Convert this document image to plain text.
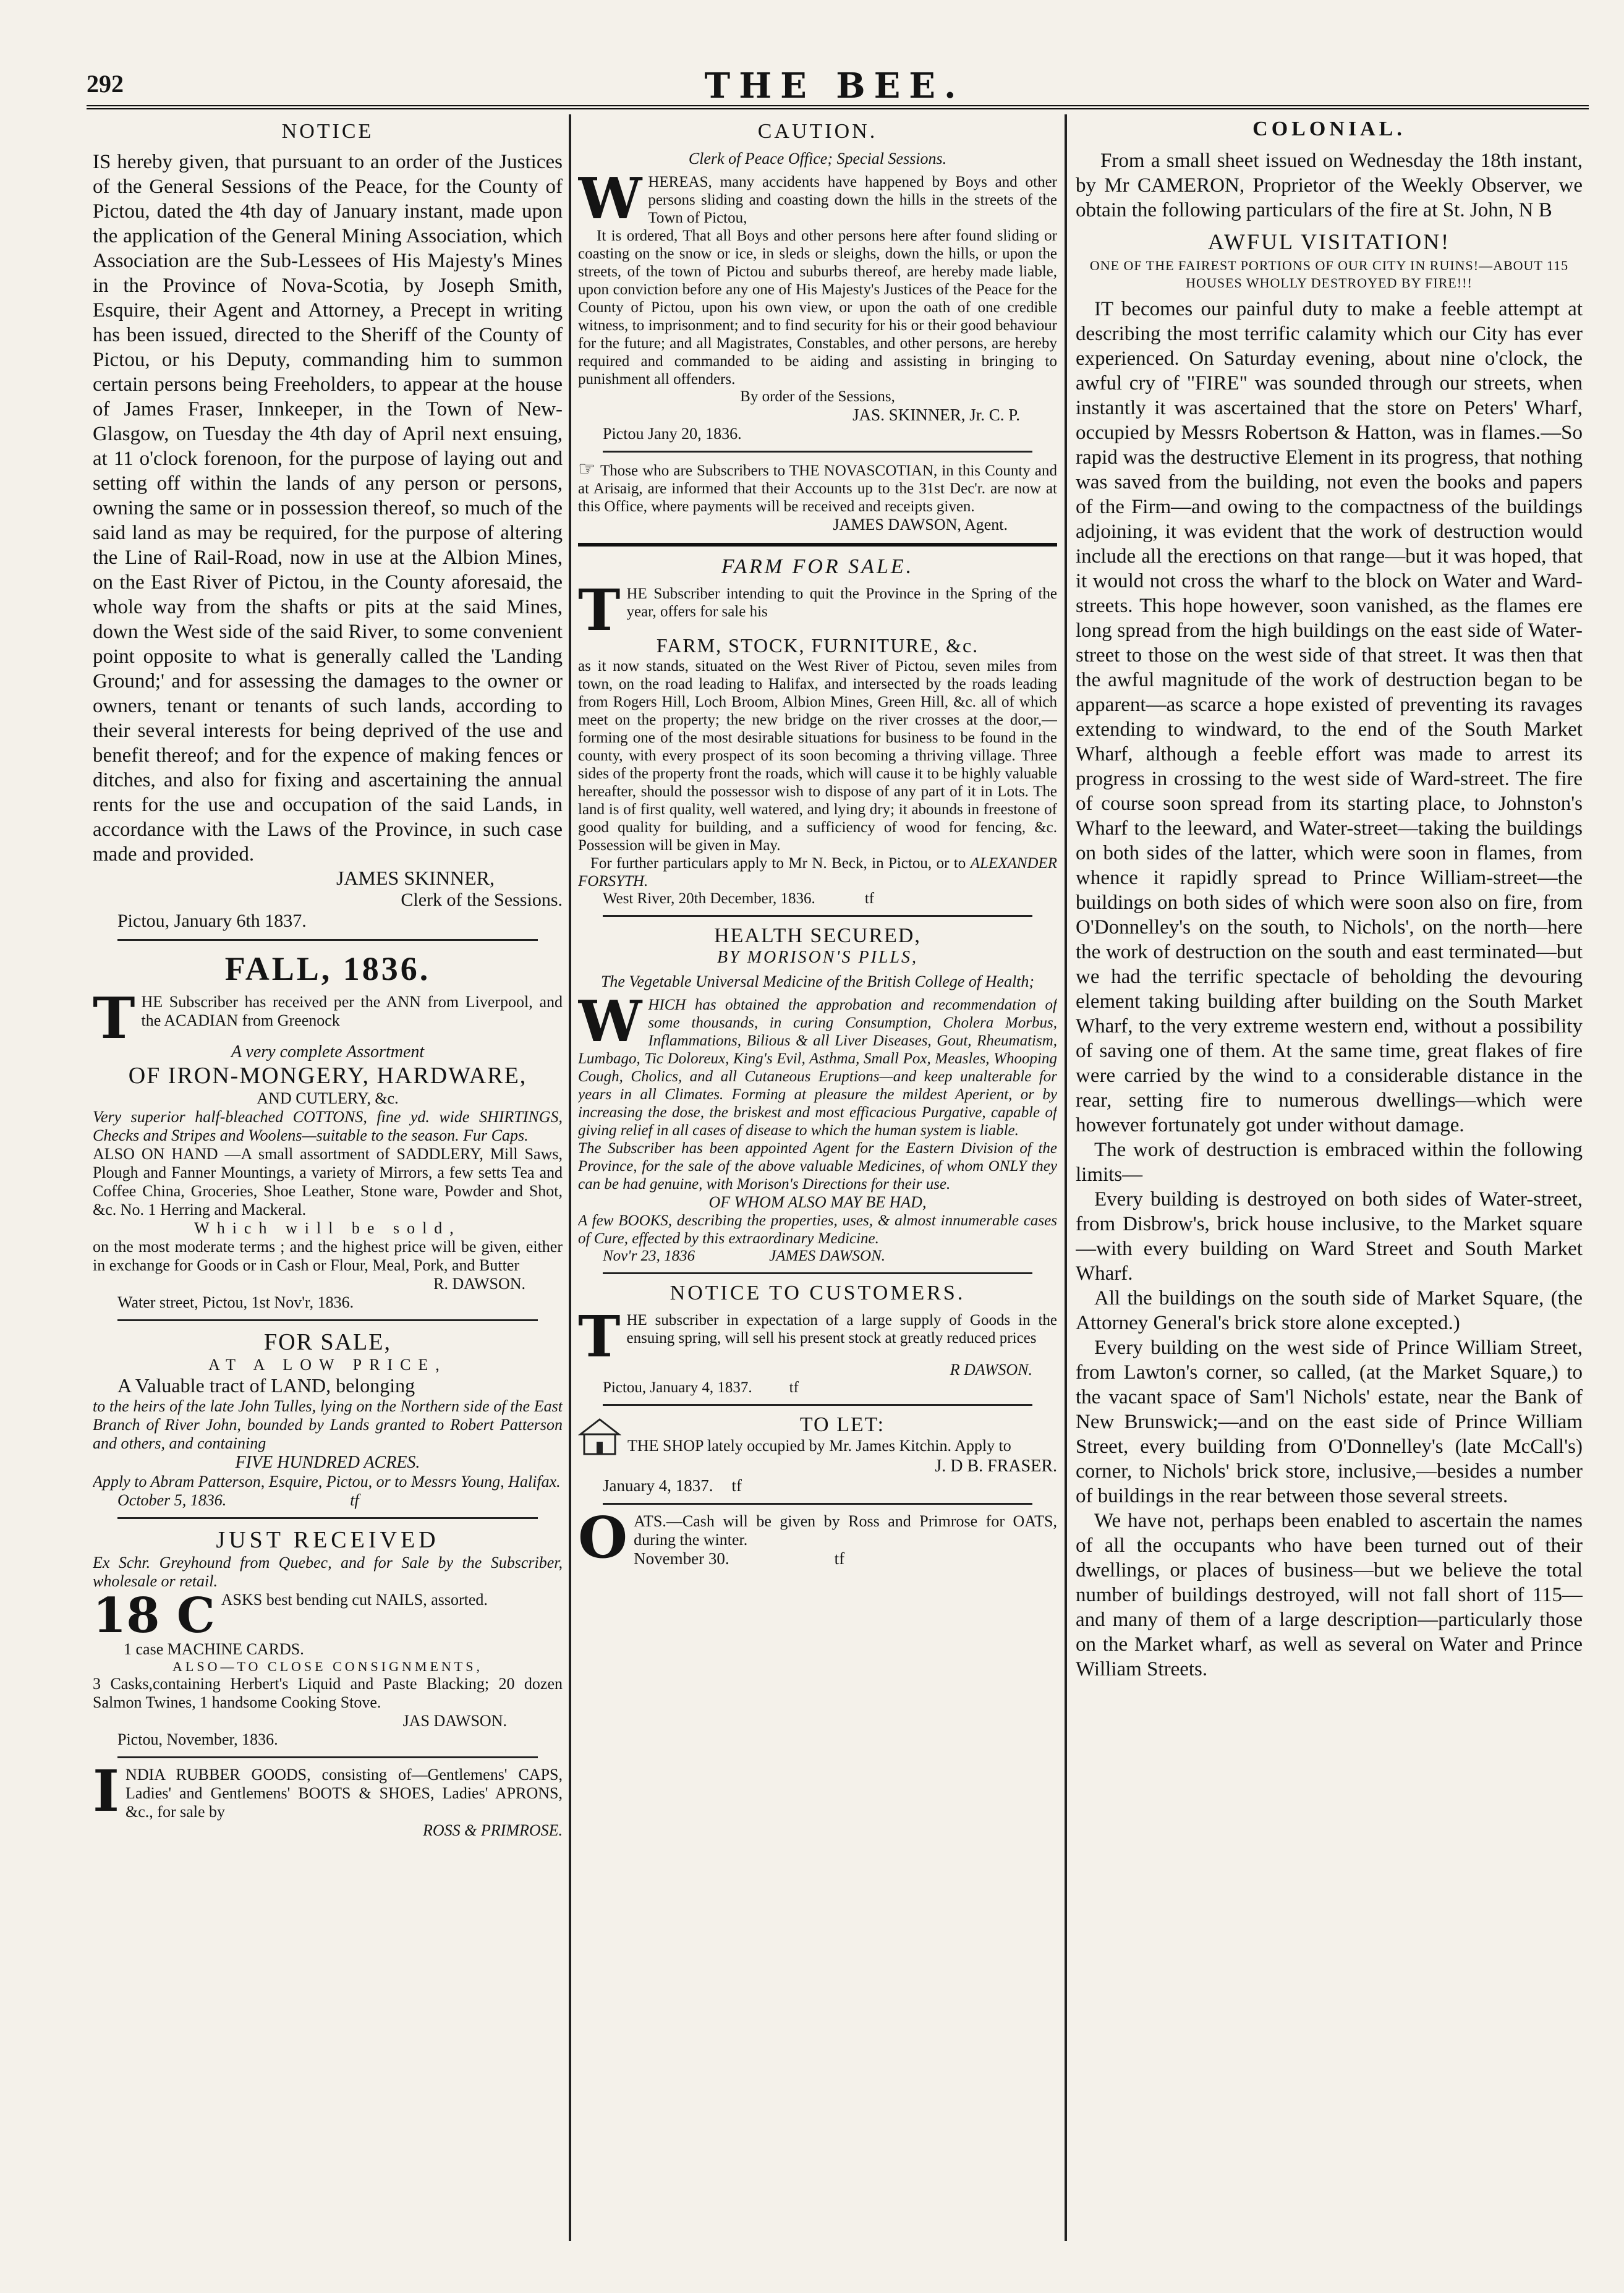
292	THE BEE.
NOTICE

IS hereby given, that pursuant to an order of the Justices of the General Sessions of the Peace, for the County of Pictou, dated the 4th day of January instant, made upon the application of the General Mining Association, which Association are the Sub-Lessees of His Majesty's Mines in the Province of Nova-Scotia, by Joseph Smith, Esquire, their Agent and Attorney, a Precept in writing has been issued, directed to the Sheriff of the County of Pictou, or his Deputy, commanding him to summon certain persons being Freeholders, to appear at the house of James Fraser, Innkeeper, in the Town of New-Glasgow, on Tuesday the 4th day of April next ensuing, at 11 o'clock forenoon, for the purpose of laying out and setting off within the lands of any person or persons, owning the same or in possession thereof, so much of the said land as may be required, for the purpose of altering the Line of Rail-Road, now in use at the Albion Mines, on the East River of Pictou, in the County aforesaid, the whole way from the shafts or pits at the said Mines, down the West side of the said River, to some convenient point opposite to what is generally called the 'Landing Ground;' and for assessing the damages to the owner or owners, tenant or tenants of such lands, according to their several interests for being deprived of the use and benefit thereof; and for the expence of making fences or ditches, and also for fixing and ascertaining the annual rents for the use and occupation of the said Lands, in accordance with the Laws of the Province, in such case made and provided.

JAMES SKINNER,
Clerk of the Sessions.
Pictou, January 6th 1837.
FALL, 1836.

THE Subscriber has received per the ANN from Liverpool, and the ACADIAN from Greenock

A very complete Assortment
OF IRON-MONGERY, HARDWARE,
AND CUTLERY, &c.

Very superior half-bleached COTTONS, fine yd. wide SHIRTINGS, Checks and Stripes and Woolens—suitable to the season. Fur Caps.

ALSO ON HAND —A small assortment of SADDLERY, Mill Saws, Plough and Fanner Mountings, a variety of Mirrors, a few setts Tea and Coffee China, Groceries, Shoe Leather, Stone ware, Powder and Shot, &c. No. 1 Herring and Mackeral.

Which will be sold,

on the most moderate terms ; and the highest price will be given, either in exchange for Goods or in Cash or Flour, Meal, Pork, and Butter

R. DAWSON.
Water street, Pictou, 1st Nov'r, 1836.
FOR SALE,
AT A LOW PRICE,
A Valuable tract of LAND, belonging

to the heirs of the late John Tulles, lying on the Northern side of the East Branch of River John, bounded by Lands granted to Robert Patterson and others, and containing

FIVE HUNDRED ACRES.

Apply to Abram Patterson, Esquire, Pictou, or to Messrs Young, Halifax.

October 5, 1836.	tf
JUST RECEIVED

Ex Schr. Greyhound from Quebec, and for Sale by the Subscriber, wholesale or retail.

18 C ASKS best bending cut NAILS, assorted.

1 case MACHINE CARDS.
ALSO—TO CLOSE CONSIGNMENTS,

3 Casks,containing Herbert's Liquid and Paste Blacking; 20 dozen Salmon Twines, 1 handsome Cooking Stove.

JAS DAWSON.
Pictou, November, 1836.

INDIA RUBBER GOODS, consisting of—Gentlemens' CAPS, Ladies' and Gentlemens' BOOTS & SHOES, Ladies' APRONS, &c., for sale by

ROSS & PRIMROSE.
CAUTION.
Clerk of Peace Office; Special Sessions.

WHEREAS, many accidents have happened by Boys and other persons sliding and coasting down the hills in the streets of the Town of Pictou,

It is ordered, That all Boys and other persons here after found sliding or coasting on the snow or ice, in sleds or sleighs, down the hills, or upon the streets, of the town of Pictou and suburbs thereof, are hereby made liable, upon conviction before any one of His Majesty's Justices of the Peace for the County of Pictou, upon his own view, or upon the oath of one credible witness, to imprisonment; and to find security for his or their good behaviour for the future; and all Magistrates, Constables, and other persons, are hereby required and commanded to be aiding and assisting in bringing to punishment all offenders.

By order of the Sessions,
JAS. SKINNER, Jr. C. P.
Pictou Jany 20, 1836.

☞ Those who are Subscribers to THE NOVASCOTIAN, in this County and at Arisaig, are informed that their Accounts up to the 31st Dec'r. are now at this Office, where payments will be received and receipts given.

JAMES DAWSON, Agent.
FARM FOR SALE.

THE Subscriber intending to quit the Province in the Spring of the year, offers for sale his

FARM, STOCK, FURNITURE, &c.

as it now stands, situated on the West River of Pictou, seven miles from town, on the road leading to Halifax, and intersected by the roads leading from Rogers Hill, Loch Broom, Albion Mines, Green Hill, &c. all of which meet on the property; the new bridge on the river crosses at the door,—forming one of the most desirable situations for business to be found in the county, with every prospect of its soon becoming a thriving village. Three sides of the property front the roads, which will cause it to be highly valuable hereafter, should the possessor wish to dispose of any part of it in Lots. The land is of first quality, well watered, and lying dry; it abounds in freestone of good quality for building, and a sufficiency of wood for fencing, &c. Possession will be given in May.

For further particulars apply to Mr N. Beck, in Pictou, or to ALEXANDER FORSYTH.

West River, 20th December, 1836.	tf
HEALTH SECURED,
BY MORISON'S PILLS,
The Vegetable Universal Medicine of the British College of Health;

WHICH has obtained the approbation and recommendation of some thousands, in curing Consumption, Cholera Morbus, Inflammations, Bilious & all Liver Diseases, Gout, Rheumatism, Lumbago, Tic Doloreux, King's Evil, Asthma, Small Pox, Measles, Whooping Cough, Cholics, and all Cutaneous Eruptions—and keep unalterable for years in all Climates. Forming at pleasure the mildest Aperient, or by increasing the dose, the briskest and most efficacious Purgative, capable of giving relief in all cases of disease to which the human system is liable.

The Subscriber has been appointed Agent for the Eastern Division of the Province, for the sale of the above valuable Medicines, of whom ONLY they can be had genuine, with Morison's Directions for their use.

OF WHOM ALSO MAY BE HAD,

A few BOOKS, describing the properties, uses, & almost innumerable cases of Cure, effected by this extraordinary Medicine.

Nov'r 23, 1836	JAMES DAWSON.
NOTICE TO CUSTOMERS.

THE subscriber in expectation of a large supply of Goods in the ensuing spring, will sell his present stock at greatly reduced prices

R DAWSON.
Pictou, January 4, 1837. tf
TO LET:

THE SHOP lately occupied by Mr. James Kitchin. Apply to

J. D B. FRASER.
January 4, 1837. tf

OATS.—Cash will be given by Ross and Primrose for OATS, during the winter.

November 30.	tf
COLONIAL.

From a small sheet issued on Wednesday the 18th instant, by Mr CAMERON, Proprietor of the Weekly Observer, we obtain the following particulars of the fire at St. John, N B

AWFUL VISITATION!
ONE OF THE FAIREST PORTIONS OF OUR CITY IN RUINS!—ABOUT 115 HOUSES WHOLLY DESTROYED BY FIRE!!!

IT becomes our painful duty to make a feeble attempt at describing the most terrific calamity which our City has ever experienced. On Saturday evening, about nine o'clock, the awful cry of "FIRE" was sounded through our streets, when instantly it was ascertained that the store on Peters' Wharf, occupied by Messrs Robertson & Hatton, was in flames.—So rapid was the destructive Element in its progress, that nothing was saved from the building, not even the books and papers of the Firm—and owing to the compactness of the buildings adjoining, it was evident that the work of destruction would include all the erections on that range—but it was hoped, that it would not cross the wharf to the block on Water and Ward-streets. This hope however, soon vanished, as the flames ere long spread from the high buildings on the east side of Water-street to those on the west side of that street. It was then that the awful magnitude of the work of destruction began to be apparent—as scarce a hope existed of preventing its ravages extending to windward, to the end of the South Market Wharf, although a feeble effort was made to arrest its progress in crossing to the west side of Ward-street. The fire of course soon spread from its starting place, to Johnston's Wharf to the leeward, and Water-street—taking the buildings on both sides of the latter, which were soon in flames, from whence it rapidly spread to Prince William-street—the buildings on both sides of which were soon also on fire, from O'Donnelley's on the south, to Nichols', on the north—here the work of destruction on the south and east terminated—but we had the terrific spectacle of beholding the devouring element taking building after building on the South Market Wharf, to the very extreme western end, without a possibility of saving one of them. At the same time, great flakes of fire were carried by the wind to a considerable distance in the rear, setting fire to numerous dwellings—which were however fortunately got under without damage.

The work of destruction is embraced within the following limits—

Every building is destroyed on both sides of Water-street, from Disbrow's, brick house inclusive, to the Market square—with every building on Ward Street and South Market Wharf.

All the buildings on the south side of Market Square, (the Attorney General's brick store alone excepted.)

Every building on the west side of Prince William Street, from Lawton's corner, so called, (at the Market Square,) to the vacant space of Sam'l Nichols' estate, near the Bank of New Brunswick;—and on the east side of Prince William Street, every building from O'Donnelley's (late McCall's) corner, to Nichols' brick store, inclusive,—besides a number of buildings in the rear between those several streets.

We have not, perhaps been enabled to ascertain the names of all the occupants who have been turned out of their dwellings, or places of business—but we believe the total number of buildings destroyed, will not fall short of 115—and many of them of a large description—particularly those on the Market wharf, as well as several on Water and Prince William Streets.
